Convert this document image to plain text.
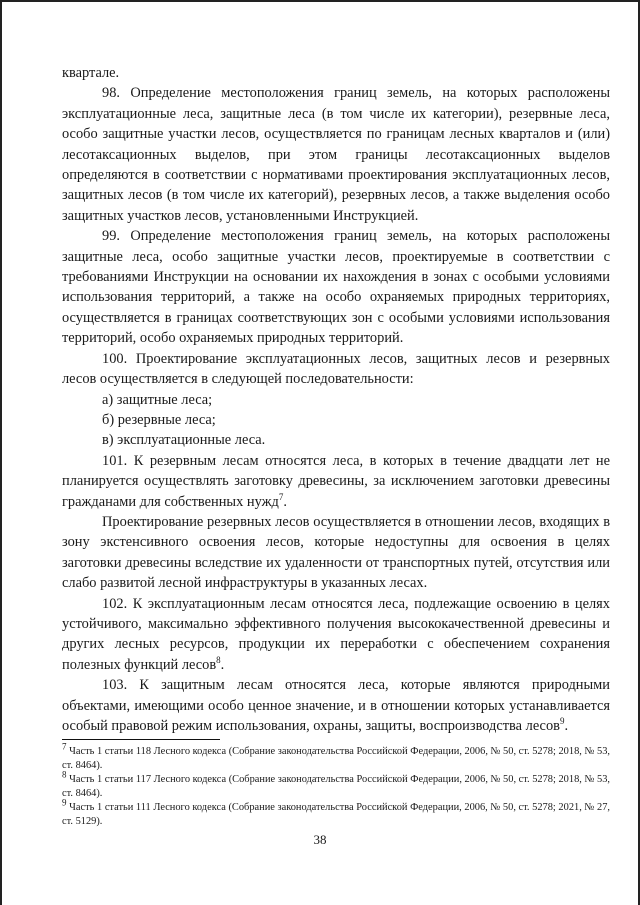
кварталe.

98. Определение местоположения границ земель, на которых расположены эксплуатационные леса, защитные леса (в том числе их категории), резервные леса, особо защитные участки лесов, осуществляется по границам лесных кварталов и (или) лесотаксационных выделов, при этом границы лесотаксационных выделов определяются в соответствии с нормативами проектирования эксплуатационных лесов, защитных лесов (в том числе их категорий), резервных лесов, а также выделения особо защитных участков лесов, установленными Инструкцией.

99. Определение местоположения границ земель, на которых расположены защитные леса, особо защитные участки лесов, проектируемые в соответствии с требованиями Инструкции на основании их нахождения в зонах с особыми условиями использования территорий, а также на особо охраняемых природных территориях, осуществляется в границах соответствующих зон с особыми условиями использования территорий, особо охраняемых природных территорий.

100. Проектирование эксплуатационных лесов, защитных лесов и резервных лесов осуществляется в следующей последовательности:

а) защитные леса;

б) резервные леса;

в) эксплуатационные леса.

101. К резервным лесам относятся леса, в которых в течение двадцати лет не планируется осуществлять заготовку древесины, за исключением заготовки древесины гражданами для собственных нужд$^7$.

Проектирование резервных лесов осуществляется в отношении лесов, входящих в зону экстенсивного освоения лесов, которые недоступны для освоения в целях заготовки древесины вследствие их удаленности от транспортных путей, отсутствия или слабо развитой лесной инфраструктуры в указанных лесах.

102. К эксплуатационным лесам относятся леса, подлежащие освоению в целях устойчивого, максимально эффективного получения высококачественной древесины и других лесных ресурсов, продукции их переработки с обеспечением сохранения полезных функций лесов$^8$.

103. К защитным лесам относятся леса, которые являются природными объектами, имеющими особо ценное значение, и в отношении которых устанавливается особый правовой режим использования, охраны, защиты, воспроизводства лесов$^9$.

$^7$ Часть 1 статьи 118 Лесного кодекса (Собрание законодательства Российской Федерации, 2006, № 50, ст. 5278; 2018, № 53, ст. 8464).

$^8$ Часть 1 статьи 117 Лесного кодекса (Собрание законодательства Российской Федерации, 2006, № 50, ст. 5278; 2018, № 53, ст. 8464).

$^9$ Часть 1 статьи 111 Лесного кодекса (Собрание законодательства Российской Федерации, 2006, № 50, ст. 5278; 2021, № 27, ст. 5129).

38
